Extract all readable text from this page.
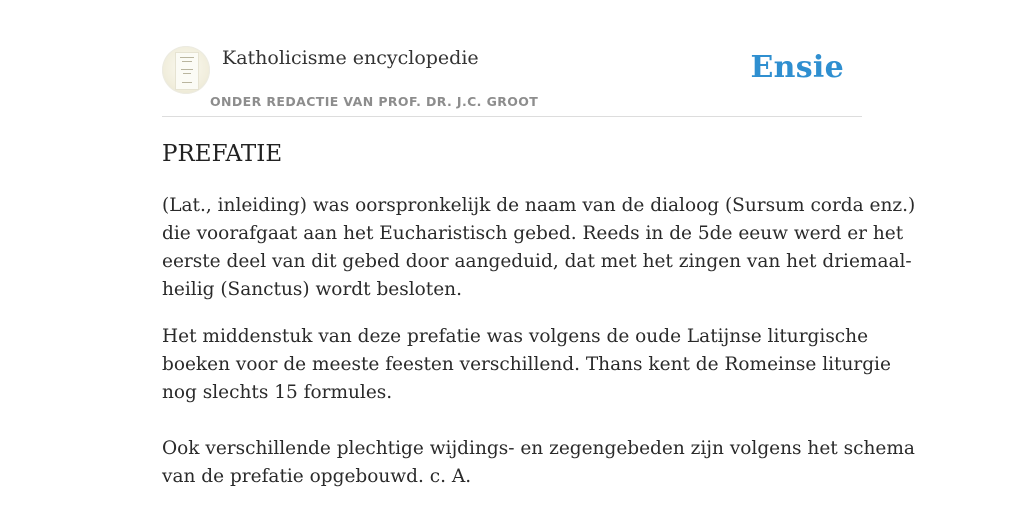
Katholicisme encyclopedie
ONDER REDACTIE VAN PROF. DR. J.C. GROOT
Ensie
PREFATIE

(Lat., inleiding) was oorspronkelijk de naam van de dialoog (Sursum corda enz.)
die voorafgaat aan het Eucharistisch gebed. Reeds in de 5de eeuw werd er het
eerste deel van dit gebed door aangeduid, dat met het zingen van het driemaal-
heilig (Sanctus) wordt besloten.

Het middenstuk van deze prefatie was volgens de oude Latijnse liturgische
boeken voor de meeste feesten verschillend. Thans kent de Romeinse liturgie
nog slechts 15 formules.

Ook verschillende plechtige wijdings- en zegengebeden zijn volgens het schema
van de prefatie opgebouwd. c. A.
